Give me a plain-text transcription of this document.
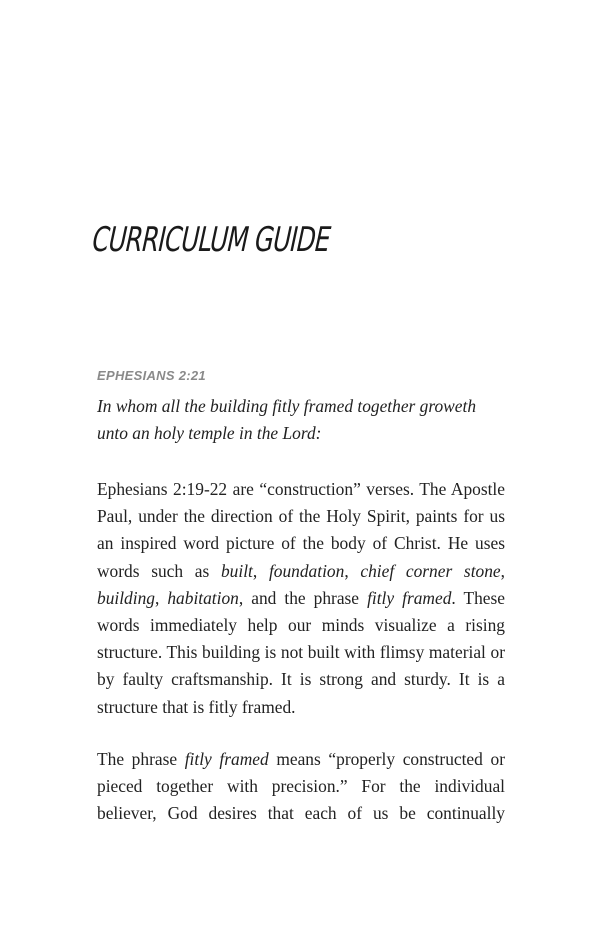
CURRICULUM GUIDE
EPHESIANS 2:21

In whom all the building fitly framed together groweth unto an holy temple in the Lord:

Ephesians 2:19-22 are “construction” verses. The Apostle Paul, under the direction of the Holy Spirit, paints for us an inspired word picture of the body of Christ. He uses words such as built, foundation, chief corner stone, building, habitation, and the phrase fitly framed. These words immediately help our minds visualize a rising structure. This building is not built with flimsy material or by faulty craftsmanship. It is strong and sturdy. It is a structure that is fitly framed.

The phrase fitly framed means “properly constructed or pieced together with precision.” For the individual believer, God desires that each of us be continually
